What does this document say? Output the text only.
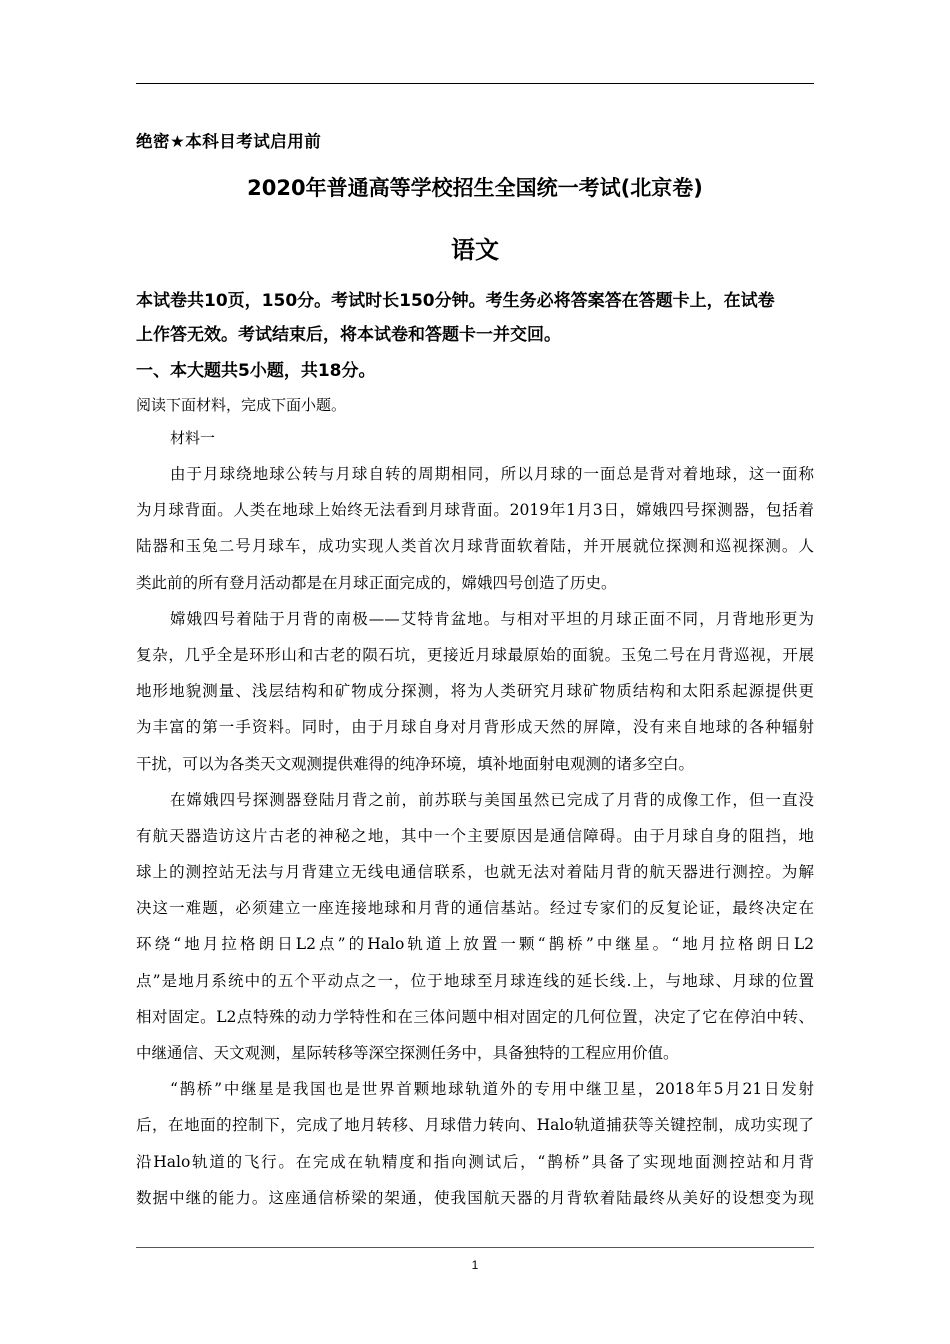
绝密★本科目考试启用前
2020年普通高等学校招生全国统一考试(北京卷)
语文
本试卷共10页，150分。考试时长150分钟。考生务必将答案答在答题卡上，在试卷
上作答无效。考试结束后，将本试卷和答题卡一并交回。
一、本大题共5小题，共18分。
阅读下面材料，完成下面小题。
材料一
由于月球绕地球公转与月球自转的周期相同，所以月球的一面总是背对着地球，这一面称
为月球背面。人类在地球上始终无法看到月球背面。2019年1月3日，嫦娥四号探测器，包括着
陆器和玉兔二号月球车，成功实现人类首次月球背面软着陆，并开展就位探测和巡视探测。人
类此前的所有登月活动都是在月球正面完成的，嫦娥四号创造了历史。
嫦娥四号着陆于月背的南极——艾特肯盆地。与相对平坦的月球正面不同，月背地形更为
复杂，几乎全是环形山和古老的陨石坑，更接近月球最原始的面貌。玉兔二号在月背巡视，开展
地形地貌测量、浅层结构和矿物成分探测，将为人类研究月球矿物质结构和太阳系起源提供更
为丰富的第一手资料。同时，由于月球自身对月背形成天然的屏障，没有来自地球的各种辐射
干扰，可以为各类天文观测提供难得的纯净环境，填补地面射电观测的诸多空白。
在嫦娥四号探测器登陆月背之前，前苏联与美国虽然已完成了月背的成像工作，但一直没
有航天器造访这片古老的神秘之地，其中一个主要原因是通信障碍。由于月球自身的阻挡，地
球上的测控站无法与月背建立无线电通信联系，也就无法对着陆月背的航天器进行测控。为解
决这一难题，必须建立一座连接地球和月背的通信基站。经过专家们的反复论证，最终决定在
环绕“地月拉格朗日L2点”的Halo轨道上放置一颗“鹊桥”中继星。“地月拉格朗日L2
点”是地月系统中的五个平动点之一，位于地球至月球连线的延长线.上，与地球、月球的位置
相对固定。L2点特殊的动力学特性和在三体问题中相对固定的几何位置，决定了它在停泊中转、
中继通信、天文观测，星际转移等深空探测任务中，具备独特的工程应用价值。
“鹊桥”中继星是我国也是世界首颗地球轨道外的专用中继卫星，2018年5月21日发射
后，在地面的控制下，完成了地月转移、月球借力转向、Halo轨道捕获等关键控制，成功实现了
沿Halo轨道的飞行。在完成在轨精度和指向测试后，“鹊桥”具备了实现地面测控站和月背
数据中继的能力。这座通信桥梁的架通，使我国航天器的月背软着陆最终从美好的设想变为现
1
